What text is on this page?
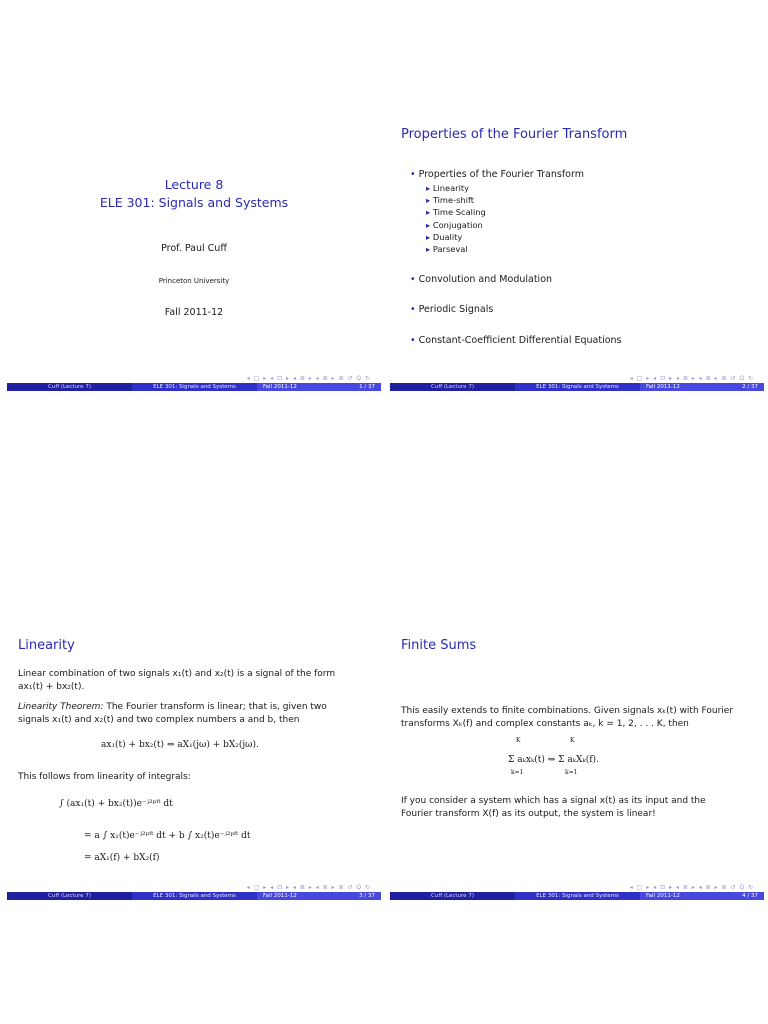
Lecture 8
ELE 301: Signals and Systems
Prof. Paul Cuff
Princeton University
Fall 2011-12
◂ □ ▸ ◂ ⊡ ▸ ◂ ≣ ▸ ◂ ≣ ▸ ≣ ↺ Q ↻
Cuff (Lecture 7)	ELE 301: Signals and Systems	Fall 2011-12	1 / 37
Properties of the Fourier Transform
• Properties of the Fourier Transform
▸ Linearity
▸ Time-shift
▸ Time Scaling
▸ Conjugation
▸ Duality
▸ Parseval
• Convolution and Modulation
• Periodic Signals
• Constant-Coefficient Differential Equations
◂ □ ▸ ◂ ⊡ ▸ ◂ ≣ ▸ ◂ ≣ ▸ ≣ ↺ Q ↻
Cuff (Lecture 7)	ELE 301: Signals and Systems	Fall 2011-12	2 / 37
Linearity
Linear combination of two signals x₁(t) and x₂(t) is a signal of the form
ax₁(t) + bx₂(t).
Linearity Theorem: The Fourier transform is linear; that is, given two
signals x₁(t) and x₂(t) and two complex numbers a and b, then
ax₁(t) + bx₂(t) ⇔ aX₁(jω) + bX₂(jω).
This follows from linearity of integrals:
∫ (ax₁(t) + bx₂(t))e⁻ʲ²ᵖᶠᵗ dt
= a ∫ x₁(t)e⁻ʲ²ᵖᶠᵗ dt + b ∫ x₂(t)e⁻ʲ²ᵖᶠᵗ dt
= aX₁(f) + bX₂(f)
◂ □ ▸ ◂ ⊡ ▸ ◂ ≣ ▸ ◂ ≣ ▸ ≣ ↺ Q ↻
Cuff (Lecture 7)	ELE 301: Signals and Systems	Fall 2011-12	3 / 37
Finite Sums
This easily extends to finite combinations. Given signals xₖ(t) with Fourier
transforms Xₖ(f) and complex constants aₖ, k = 1, 2, . . . K, then
K	K
Σ aₖxₖ(t) ⇔ Σ aₖXₖ(f).
k=1	k=1
If you consider a system which has a signal x(t) as its input and the
Fourier transform X(f) as its output, the system is linear!
◂ □ ▸ ◂ ⊡ ▸ ◂ ≣ ▸ ◂ ≣ ▸ ≣ ↺ Q ↻
Cuff (Lecture 7)	ELE 301: Signals and Systems	Fall 2011-12	4 / 37
